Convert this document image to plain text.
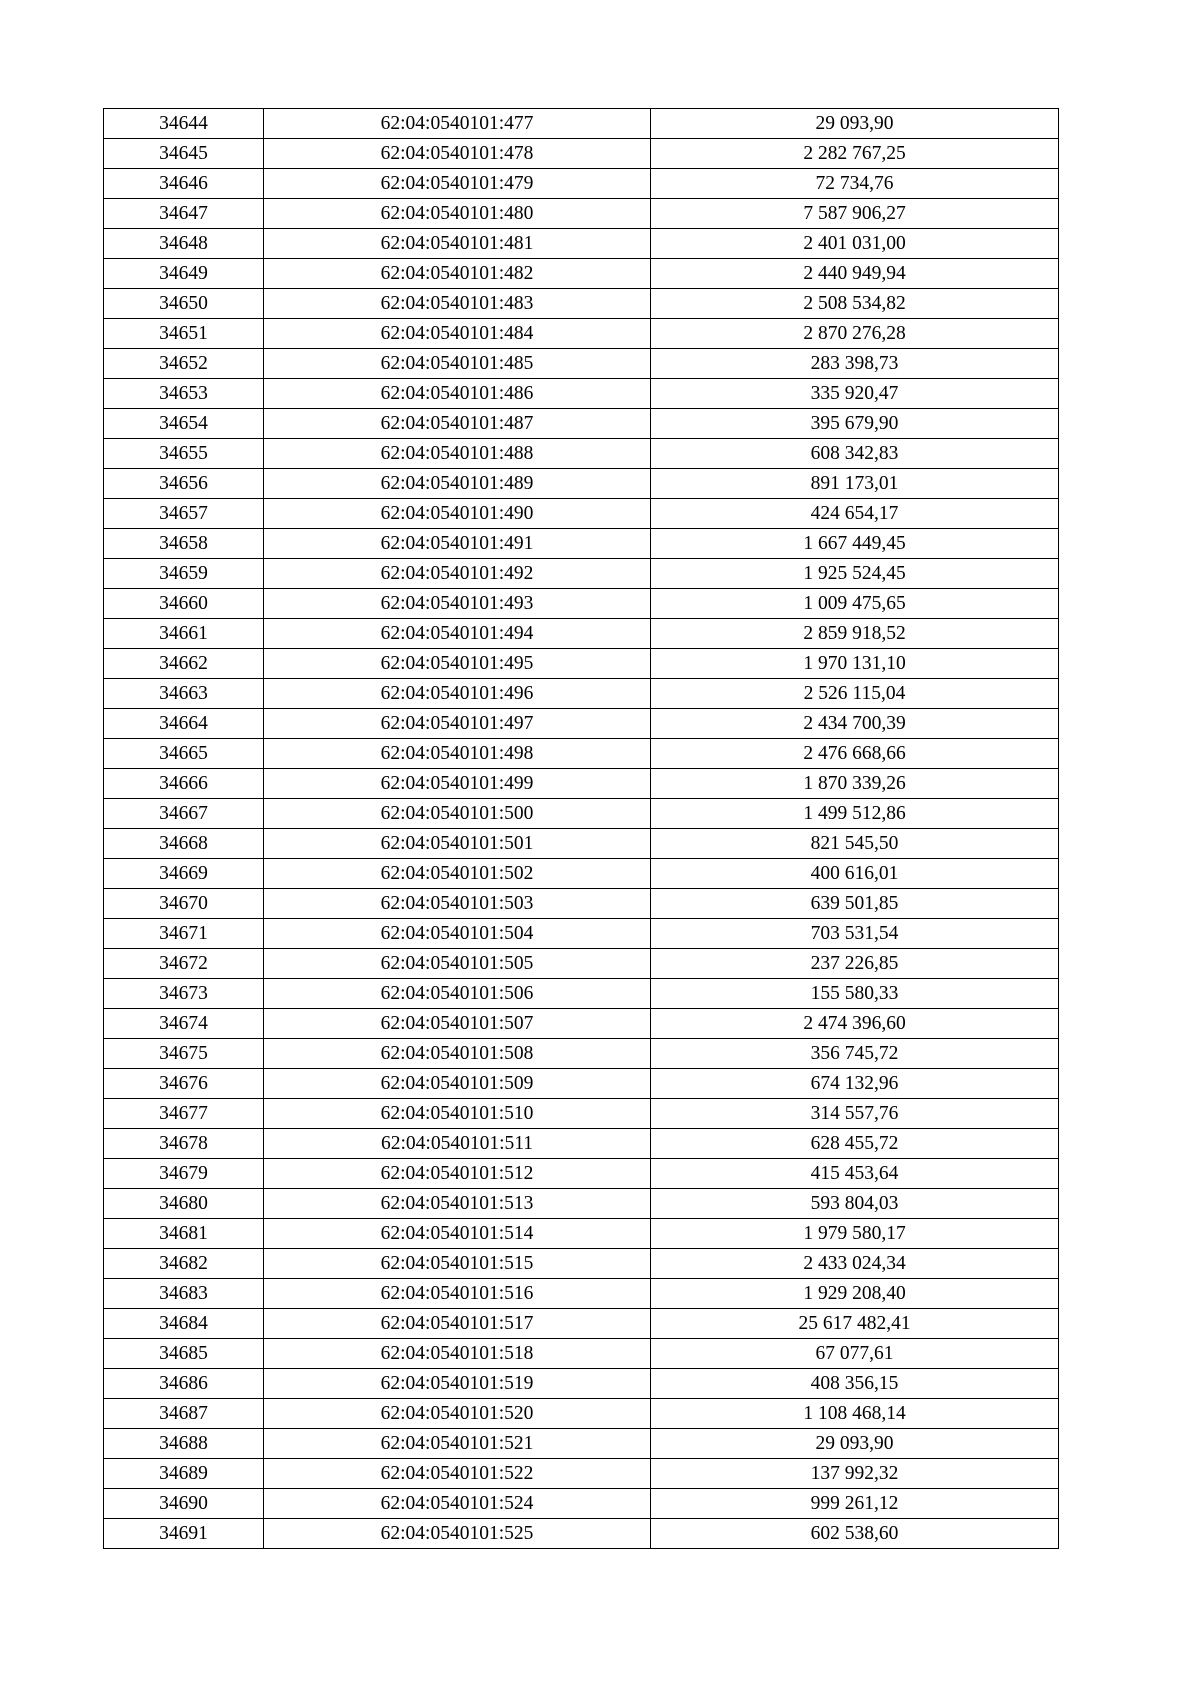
34644	62:04:0540101:477	29 093,90
34645	62:04:0540101:478	2 282 767,25
34646	62:04:0540101:479	72 734,76
34647	62:04:0540101:480	7 587 906,27
34648	62:04:0540101:481	2 401 031,00
34649	62:04:0540101:482	2 440 949,94
34650	62:04:0540101:483	2 508 534,82
34651	62:04:0540101:484	2 870 276,28
34652	62:04:0540101:485	283 398,73
34653	62:04:0540101:486	335 920,47
34654	62:04:0540101:487	395 679,90
34655	62:04:0540101:488	608 342,83
34656	62:04:0540101:489	891 173,01
34657	62:04:0540101:490	424 654,17
34658	62:04:0540101:491	1 667 449,45
34659	62:04:0540101:492	1 925 524,45
34660	62:04:0540101:493	1 009 475,65
34661	62:04:0540101:494	2 859 918,52
34662	62:04:0540101:495	1 970 131,10
34663	62:04:0540101:496	2 526 115,04
34664	62:04:0540101:497	2 434 700,39
34665	62:04:0540101:498	2 476 668,66
34666	62:04:0540101:499	1 870 339,26
34667	62:04:0540101:500	1 499 512,86
34668	62:04:0540101:501	821 545,50
34669	62:04:0540101:502	400 616,01
34670	62:04:0540101:503	639 501,85
34671	62:04:0540101:504	703 531,54
34672	62:04:0540101:505	237 226,85
34673	62:04:0540101:506	155 580,33
34674	62:04:0540101:507	2 474 396,60
34675	62:04:0540101:508	356 745,72
34676	62:04:0540101:509	674 132,96
34677	62:04:0540101:510	314 557,76
34678	62:04:0540101:511	628 455,72
34679	62:04:0540101:512	415 453,64
34680	62:04:0540101:513	593 804,03
34681	62:04:0540101:514	1 979 580,17
34682	62:04:0540101:515	2 433 024,34
34683	62:04:0540101:516	1 929 208,40
34684	62:04:0540101:517	25 617 482,41
34685	62:04:0540101:518	67 077,61
34686	62:04:0540101:519	408 356,15
34687	62:04:0540101:520	1 108 468,14
34688	62:04:0540101:521	29 093,90
34689	62:04:0540101:522	137 992,32
34690	62:04:0540101:524	999 261,12
34691	62:04:0540101:525	602 538,60
